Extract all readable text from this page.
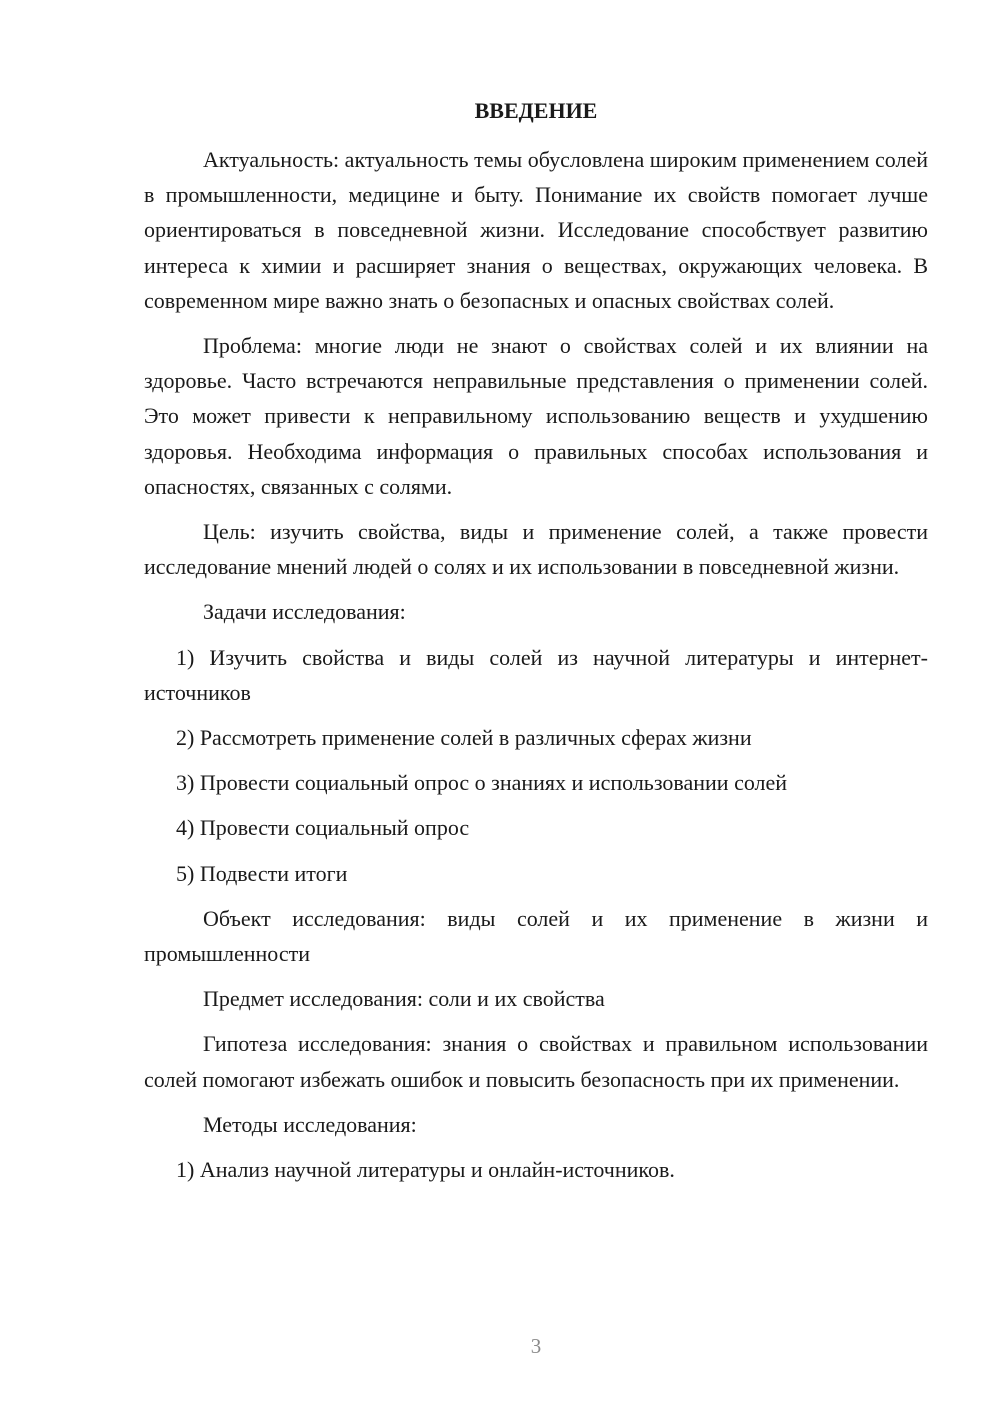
ВВЕДЕНИЕ

Актуальность: актуальность темы обусловлена широким применением солей в промышленности, медицине и быту. Понимание их свойств помогает лучше ориентироваться в повседневной жизни. Исследование способствует развитию интереса к химии и расширяет знания о веществах, окружающих человека. В современном мире важно знать о безопасных и опасных свойствах солей.

Проблема: многие люди не знают о свойствах солей и их влиянии на здоровье. Часто встречаются неправильные представления о применении солей. Это может привести к неправильному использованию веществ и ухудшению здоровья. Необходима информация о правильных способах использования и опасностях, связанных с солями.

Цель: изучить свойства, виды и применение солей, а также провести исследование мнений людей о солях и их использовании в повседневной жизни.

Задачи исследования:

1) Изучить свойства и виды солей из научной литературы и интернет-источников

2) Рассмотреть применение солей в различных сферах жизни

3) Провести социальный опрос о знаниях и использовании солей

4) Провести социальный опрос

5) Подвести итоги

Объект исследования: виды солей и их применение в жизни и промышленности

Предмет исследования: соли и их свойства

Гипотеза исследования: знания о свойствах и правильном использовании солей помогают избежать ошибок и повысить безопасность при их применении.

Методы исследования:

1) Анализ научной литературы и онлайн-источников.

3
